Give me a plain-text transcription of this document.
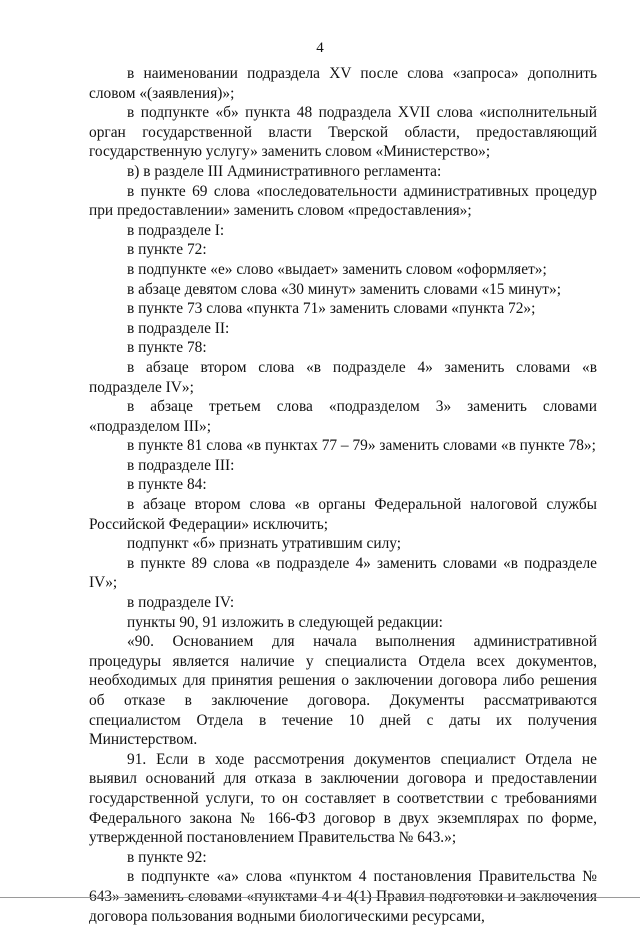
4

в наименовании подраздела XV после слова «запроса» дополнить словом «(заявления)»;

в подпункте «б» пункта 48 подраздела XVII слова «исполнительный орган государственной власти Тверской области, предоставляющий государственную услугу» заменить словом «Министерство»;

в) в разделе III Административного регламента:

в пункте 69 слова «последовательности административных процедур при предоставлении» заменить словом «предоставления»;

в подразделе I:

в пункте 72:

в подпункте «е» слово «выдает» заменить словом «оформляет»;

в абзаце девятом слова «30 минут» заменить словами «15 минут»;

в пункте 73 слова «пункта 71» заменить словами «пункта 72»;

в подразделе II:

в пункте 78:

в абзаце втором слова «в подразделе 4» заменить словами «в подразделе IV»;

в абзаце третьем слова «подразделом 3» заменить словами «подразделом III»;

в пункте 81 слова «в пунктах 77 – 79» заменить словами «в пункте 78»;

в подразделе III:

в пункте 84:

в абзаце втором слова «в органы Федеральной налоговой службы Российской Федерации» исключить;

подпункт «б» признать утратившим силу;

в пункте 89 слова «в подразделе 4» заменить словами «в подразделе IV»;

в подразделе IV:

пункты 90, 91 изложить в следующей редакции:

«90. Основанием для начала выполнения административной процедуры является наличие у специалиста Отдела всех документов, необходимых для принятия решения о заключении договора либо решения об отказе в заключение договора. Документы рассматриваются специалистом Отдела в течение 10 дней с даты их получения Министерством.

91. Если в ходе рассмотрения документов специалист Отдела не выявил оснований для отказа в заключении договора и предоставлении государственной услуги, то он составляет в соответствии с требованиями Федерального закона № 166-ФЗ договор в двух экземплярах по форме, утвержденной постановлением Правительства № 643.»;

в пункте 92:

в подпункте «а» слова «пунктом 4 постановления Правительства № 643» заменить словами «пунктами 4 и 4(1) Правил подготовки и заключения договора пользования водными биологическими ресурсами,
